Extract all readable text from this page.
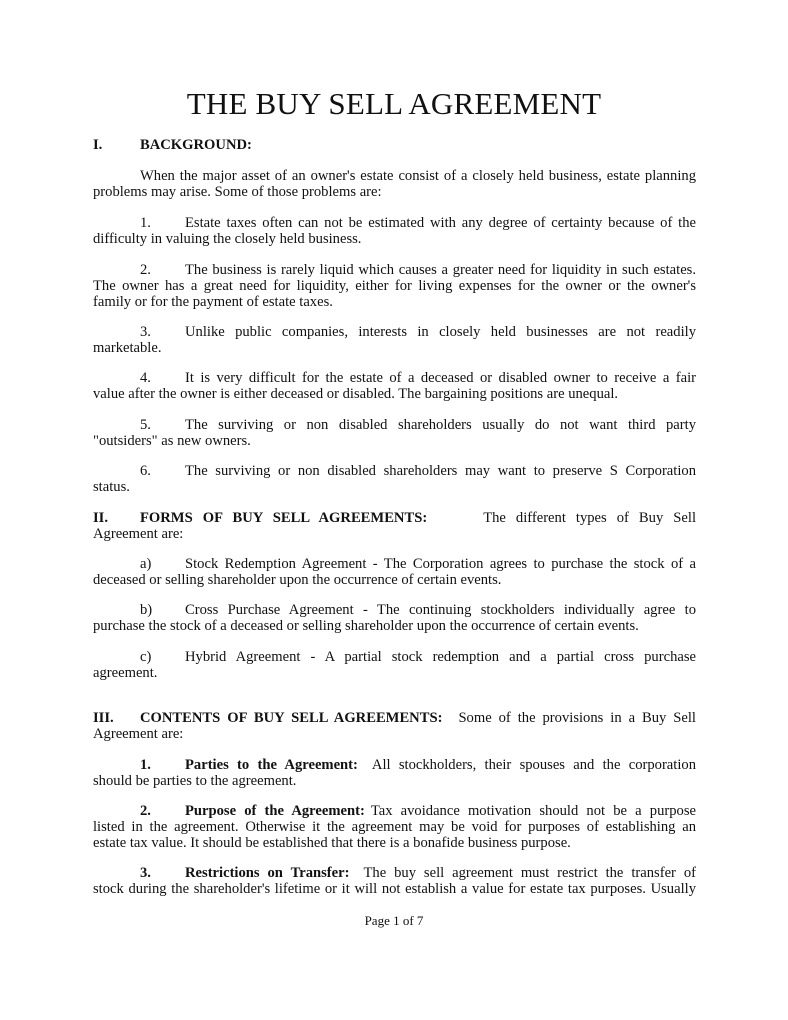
THE BUY SELL AGREEMENT
I.	BACKGROUND:
When the major asset of an owner's estate consist of a closely held business, estate planning
problems may arise. Some of those problems are:
1. Estate taxes often can not be estimated with any degree of certainty because of the
difficulty in valuing the closely held business.
2. The business is rarely liquid which causes a greater need for liquidity in such estates.
The owner has a great need for liquidity, either for living expenses for the owner or the owner's
family or for the payment of estate taxes.
3. Unlike public companies, interests in closely held businesses are not readily
marketable.
4. It is very difficult for the estate of a deceased or disabled owner to receive a fair
value after the owner is either deceased or disabled. The bargaining positions are unequal.
5. The surviving or non disabled shareholders usually do not want third party
"outsiders" as new owners.
6. The surviving or non disabled shareholders may want to preserve S Corporation
status.
II. FORMS OF BUY SELL AGREEMENTS:	The different types of Buy Sell
Agreement are:
a) Stock Redemption Agreement - The Corporation agrees to purchase the stock of a
deceased or selling shareholder upon the occurrence of certain events.
b) Cross Purchase Agreement - The continuing stockholders individually agree to
purchase the stock of a deceased or selling shareholder upon the occurrence of certain events.
c) Hybrid Agreement - A partial stock redemption and a partial cross purchase
agreement.
III. CONTENTS OF BUY SELL AGREEMENTS: Some of the provisions in a Buy Sell
Agreement are:
1. Parties to the Agreement: All stockholders, their spouses and the corporation
should be parties to the agreement.
2. Purpose of the Agreement: Tax avoidance motivation should not be a purpose
listed in the agreement. Otherwise it the agreement may be void for purposes of establishing an
estate tax value. It should be established that there is a bonafide business purpose.
3. Restrictions on Transfer: The buy sell agreement must restrict the transfer of
stock during the shareholder's lifetime or it will not establish a value for estate tax purposes. Usually
Page 1 of 7
